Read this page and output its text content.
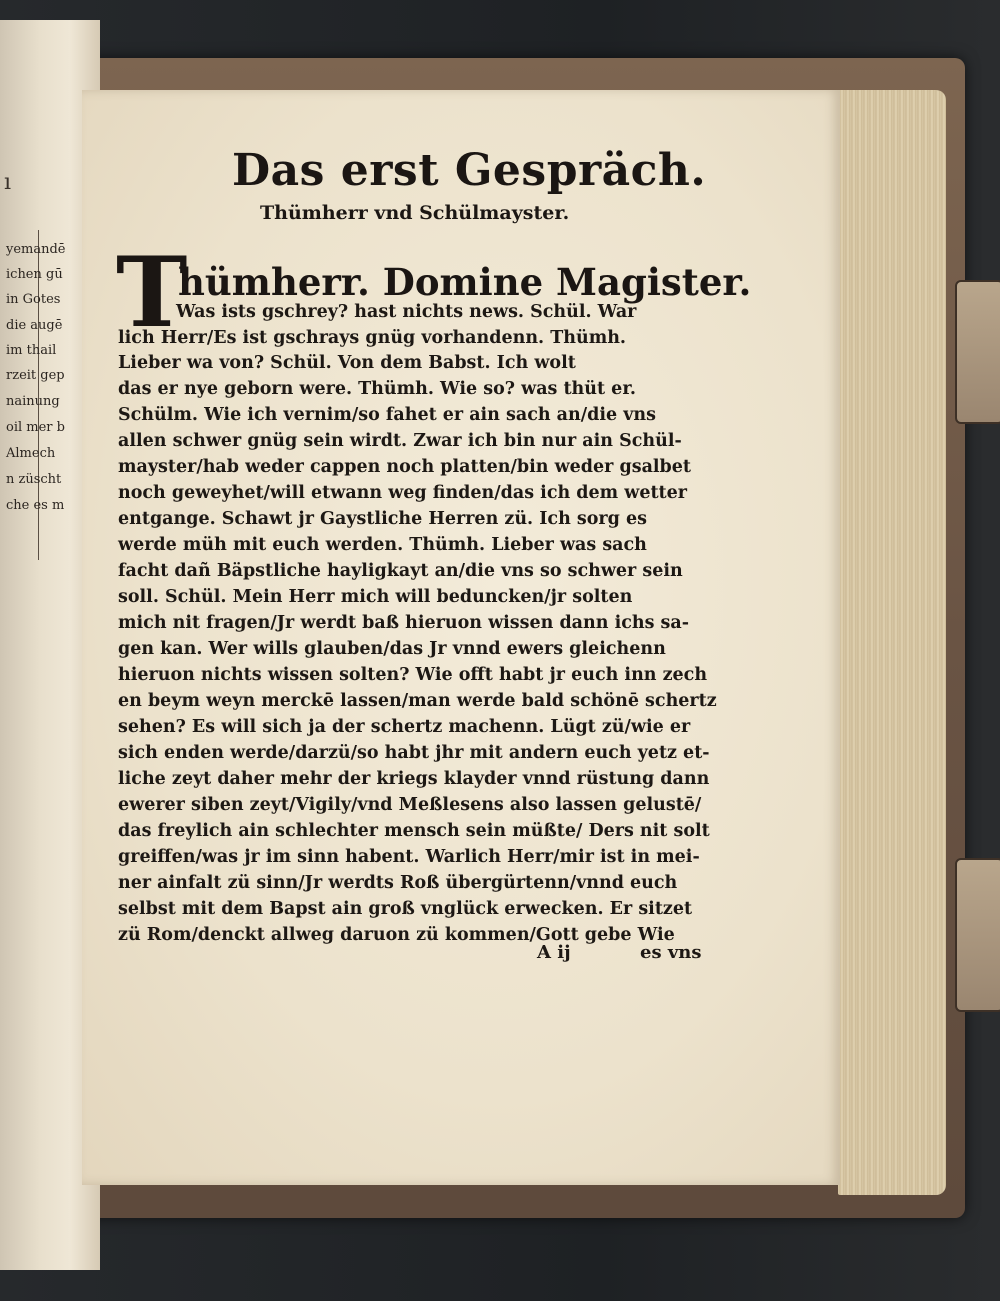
ı
yemandē
ichen gū
in Gotes
die augē
im thail
rzeit gep
nainung
oil mer b
Almech
n züscht
che es m
Das erst Gespräch.
Thümherr vnd Schülmayster.
T
hümherr. Domine Magister.
Was ists gschrey? hast nichts news. Schül. War
lich Herr/Es ist gschrays gnüg vorhandenn. Thümh.
Lieber wa von? Schül. Von dem Babst. Ich wolt
das er nye geborn were. Thümh. Wie so? was thüt er.
Schülm. Wie ich vernim/so fahet er ain sach an/die vns
allen schwer gnüg sein wirdt. Zwar ich bin nur ain Schül-
mayster/hab weder cappen noch platten/bin weder gsalbet
noch geweyhet/will etwann weg finden/das ich dem wetter
entgange. Schawt jr Gaystliche Herren zü. Ich sorg es
werde müh mit euch werden. Thümh. Lieber was sach
facht dañ Bäpstliche hayligkayt an/die vns so schwer sein
soll. Schül. Mein Herr mich will beduncken/jr solten
mich nit fragen/Jr werdt baß hieruon wissen dann ichs sa-
gen kan. Wer wills glauben/das Jr vnnd ewers gleichenn
hieruon nichts wissen solten? Wie offt habt jr euch inn zech
en beym weyn merckē lassen/man werde bald schönē schertz
sehen? Es will sich ja der schertz machenn. Lügt zü/wie er
sich enden werde/darzü/so habt jhr mit andern euch yetz et-
liche zeyt daher mehr der kriegs klayder vnnd rüstung dann
ewerer siben zeyt/Vigily/vnd Meßlesens also lassen gelustē/
das freylich ain schlechter mensch sein müßte/ Ders nit solt
greiffen/was jr im sinn habent. Warlich Herr/mir ist in mei-
ner ainfalt zü sinn/Jr werdts Roß übergürtenn/vnnd euch
selbst mit dem Bapst ain groß vnglück erwecken. Er sitzet
zü Rom/denckt allweg daruon zü kommen/Gott gebe Wie
A ij	es vns
